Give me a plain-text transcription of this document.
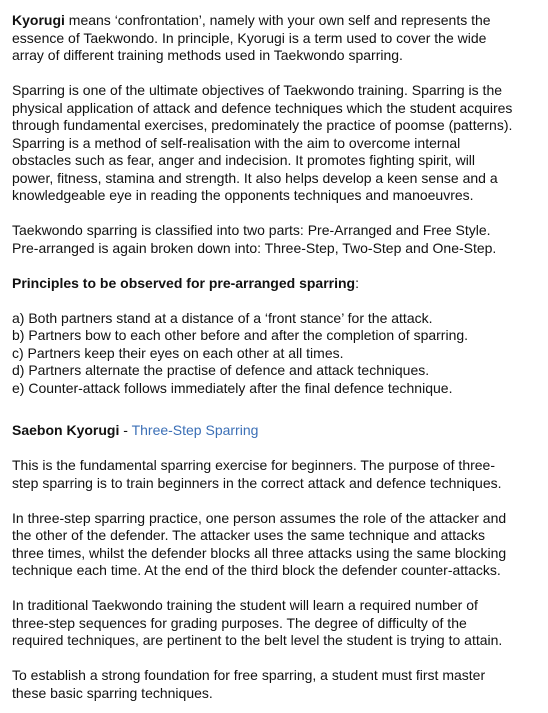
Kyorugi means ‘confrontation’, namely with your own self and represents the

essence of Taekwondo. In principle, Kyorugi is a term used to cover the wide

array of different training methods used in Taekwondo sparring.

Sparring is one of the ultimate objectives of Taekwondo training. Sparring is the

physical application of attack and defence techniques which the student acquires

through fundamental exercises, predominately the practice of poomse (patterns).

Sparring is a method of self-realisation with the aim to overcome internal

obstacles such as fear, anger and indecision. It promotes fighting spirit, will

power, fitness, stamina and strength. It also helps develop a keen sense and a

knowledgeable eye in reading the opponents techniques and manoeuvres.

Taekwondo sparring is classified into two parts: Pre-Arranged and Free Style.

Pre-arranged is again broken down into: Three-Step, Two-Step and One-Step.

Principles to be observed for pre-arranged sparring:

a) Both partners stand at a distance of a ‘front stance’ for the attack.

b) Partners bow to each other before and after the completion of sparring.

c) Partners keep their eyes on each other at all times.

d) Partners alternate the practise of defence and attack techniques.

e) Counter-attack follows immediately after the final defence technique.

Saebon Kyorugi - Three-Step Sparring

This is the fundamental sparring exercise for beginners. The purpose of three-

step sparring is to train beginners in the correct attack and defence techniques.

In three-step sparring practice, one person assumes the role of the attacker and

the other of the defender. The attacker uses the same technique and attacks

three times, whilst the defender blocks all three attacks using the same blocking

technique each time. At the end of the third block the defender counter-attacks.

In traditional Taekwondo training the student will learn a required number of

three-step sequences for grading purposes. The degree of difficulty of the

required techniques, are pertinent to the belt level the student is trying to attain.

To establish a strong foundation for free sparring, a student must first master

these basic sparring techniques.
